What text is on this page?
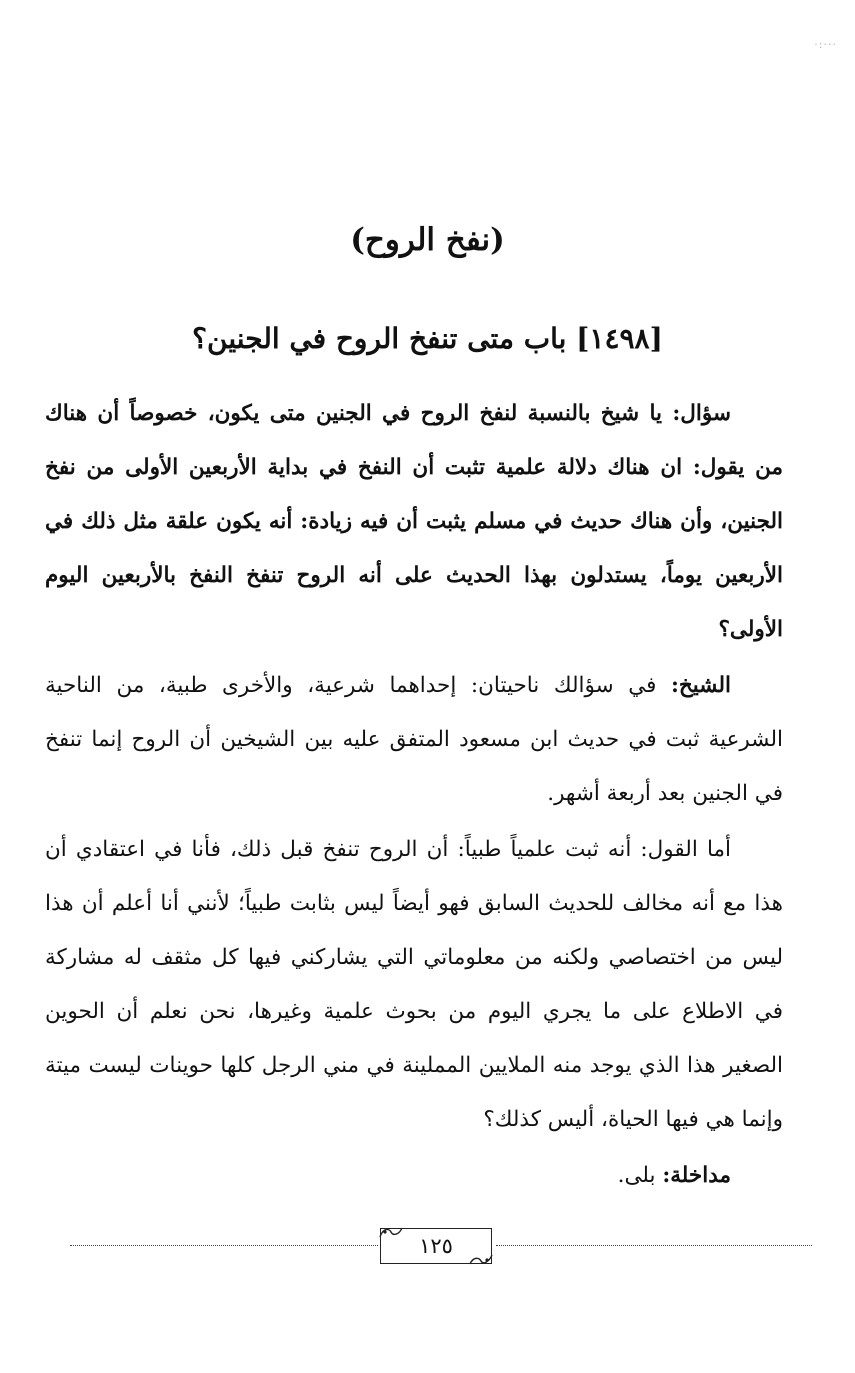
···:·
(نفخ الروح)
[١٤٩٨] باب متى تنفخ الروح في الجنين؟

سؤال: يا شيخ بالنسبة لنفخ الروح في الجنين متى يكون، خصوصاً أن هناك من يقول: ان هناك دلالة علمية تثبت أن النفخ في بداية الأربعين الأولى من نفخ الجنين، وأن هناك حديث في مسلم يثبت أن فيه زيادة: أنه يكون علقة مثل ذلك في الأربعين يوماً، يستدلون بهذا الحديث على أنه الروح تنفخ النفخ بالأربعين اليوم الأولى؟

الشيخ: في سؤالك ناحيتان: إحداهما شرعية، والأخرى طبية، من الناحية الشرعية ثبت في حديث ابن مسعود المتفق عليه بين الشيخين أن الروح إنما تنفخ في الجنين بعد أربعة أشهر.

أما القول: أنه ثبت علمياً طبياً: أن الروح تنفخ قبل ذلك، فأنا في اعتقادي أن هذا مع أنه مخالف للحديث السابق فهو أيضاً ليس بثابت طبياً؛ لأنني أنا أعلم أن هذا ليس من اختصاصي ولكنه من معلوماتي التي يشاركني فيها كل مثقف له مشاركة في الاطلاع على ما يجري اليوم من بحوث علمية وغيرها، نحن نعلم أن الحوين الصغير هذا الذي يوجد منه الملايين المملينة في مني الرجل كلها حوينات ليست ميتة وإنما هي فيها الحياة، أليس كذلك؟

مداخلة: بلى.

١٢٥
